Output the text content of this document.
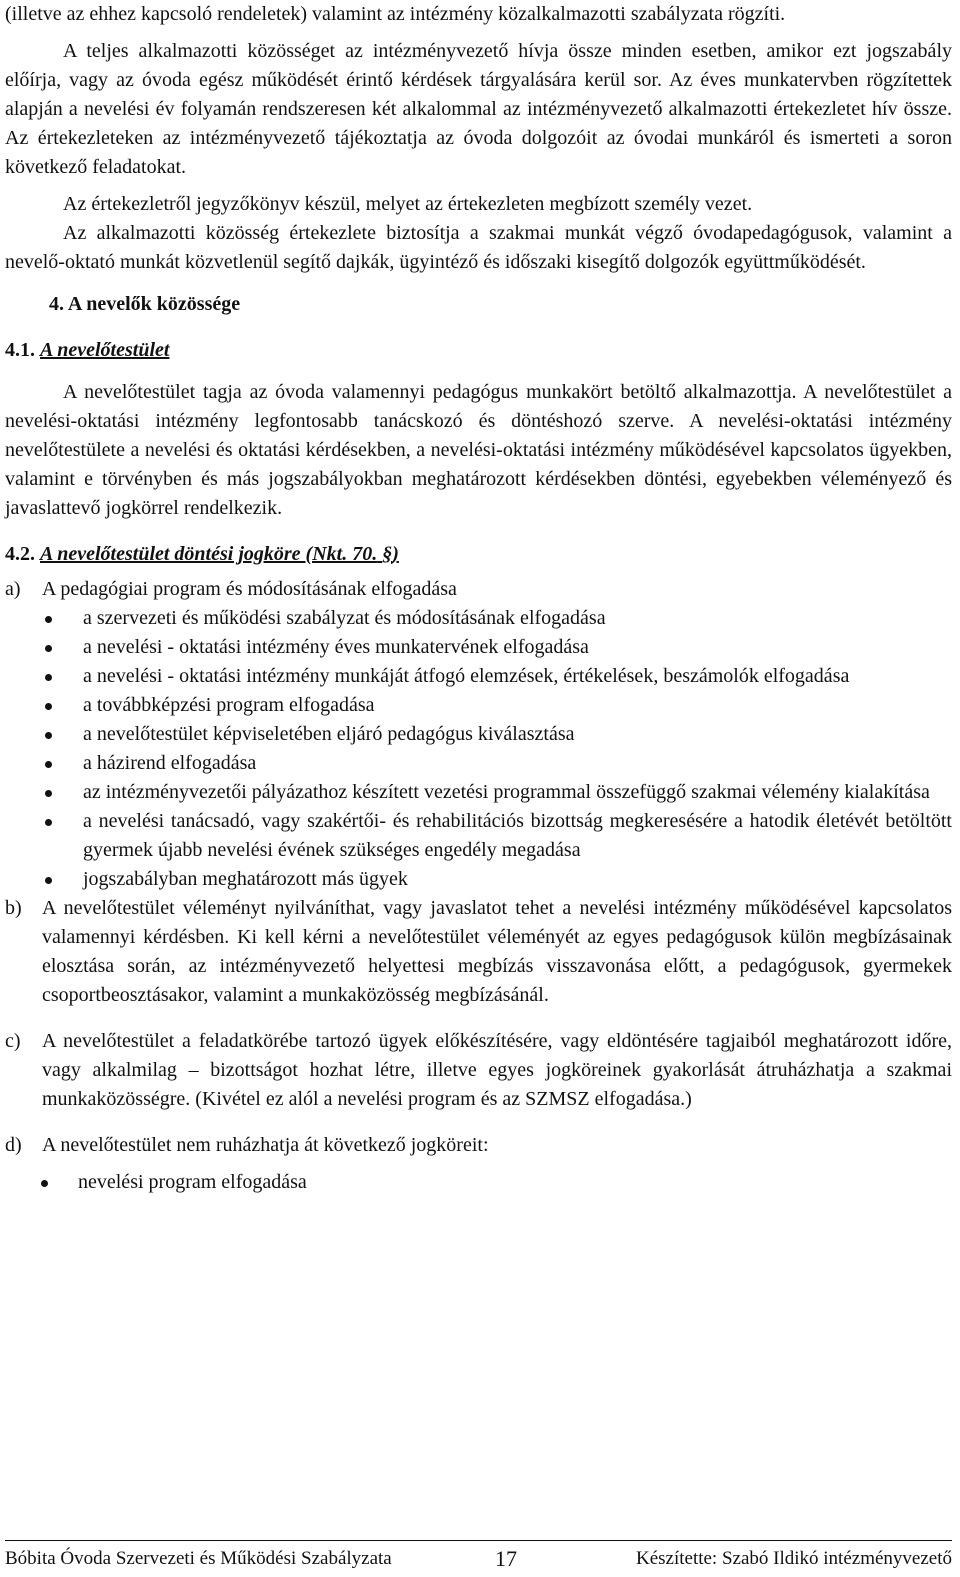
(illetve az ehhez kapcsoló rendeletek) valamint az intézmény közalkalmazotti szabályzata rögzíti.

A teljes alkalmazotti közösséget az intézményvezető hívja össze minden esetben, amikor ezt jogszabály előírja, vagy az óvoda egész működését érintő kérdések tárgyalására kerül sor. Az éves munkatervben rögzítettek alapján a nevelési év folyamán rendszeresen két alkalommal az intézményvezető alkalmazotti értekezletet hív össze. Az értekezleteken az intézményvezető tájékoztatja az óvoda dolgozóit az óvodai munkáról és ismerteti a soron következő feladatokat.

Az értekezletről jegyzőkönyv készül, melyet az értekezleten megbízott személy vezet.

Az alkalmazotti közösség értekezlete biztosítja a szakmai munkát végző óvodapedagógusok, valamint a nevelő-oktató munkát közvetlenül segítő dajkák, ügyintéző és időszaki kisegítő dolgozók együttműködését.

4. A nevelők közössége
4.1. A nevelőtestület

A nevelőtestület tagja az óvoda valamennyi pedagógus munkakört betöltő alkalmazottja. A nevelőtestület a nevelési-oktatási intézmény legfontosabb tanácskozó és döntéshozó szerve. A nevelési-oktatási intézmény nevelőtestülete a nevelési és oktatási kérdésekben, a nevelési-oktatási intézmény működésével kapcsolatos ügyekben, valamint e törvényben és más jogszabályokban meghatározott kérdésekben döntési, egyebekben véleményező és javaslattevő jogkörrel rendelkezik.

4.2. A nevelőtestület döntési jogköre (Nkt. 70. §)
a) A pedagógiai program és módosításának elfogadása
a szervezeti és működési szabályzat és módosításának elfogadása
a nevelési - oktatási intézmény éves munkatervének elfogadása
a nevelési - oktatási intézmény munkáját átfogó elemzések, értékelések, beszámolók elfogadása
a továbbképzési program elfogadása
a nevelőtestület képviseletében eljáró pedagógus kiválasztása
a házirend elfogadása
az intézményvezetői pályázathoz készített vezetési programmal összefüggő szakmai vélemény kialakítása
a nevelési tanácsadó, vagy szakértői- és rehabilitációs bizottság megkeresésére a hatodik életévét betöltött gyermek újabb nevelési évének szükséges engedély megadása
jogszabályban meghatározott más ügyek
b) A nevelőtestület véleményt nyilváníthat, vagy javaslatot tehet a nevelési intézmény működésével kapcsolatos valamennyi kérdésben. Ki kell kérni a nevelőtestület véleményét az egyes pedagógusok külön megbízásainak elosztása során, az intézményvezető helyettesi megbízás visszavonása előtt, a pedagógusok, gyermekek csoportbeosztásakor, valamint a munkaközösség megbízásánál.
c) A nevelőtestület a feladatkörébe tartozó ügyek előkészítésére, vagy eldöntésére tagjaiból meghatározott időre, vagy alkalmilag – bizottságot hozhat létre, illetve egyes jogköreinek gyakorlását átruházhatja a szakmai munkaközösségre. (Kivétel ez alól a nevelési program és az SZMSZ elfogadása.)
d) A nevelőtestület nem ruházhatja át következő jogköreit:
nevelési program elfogadása
Bóbita Óvoda Szervezeti és Működési Szabályzata	17	Készítette: Szabó Ildikó intézményvezető
